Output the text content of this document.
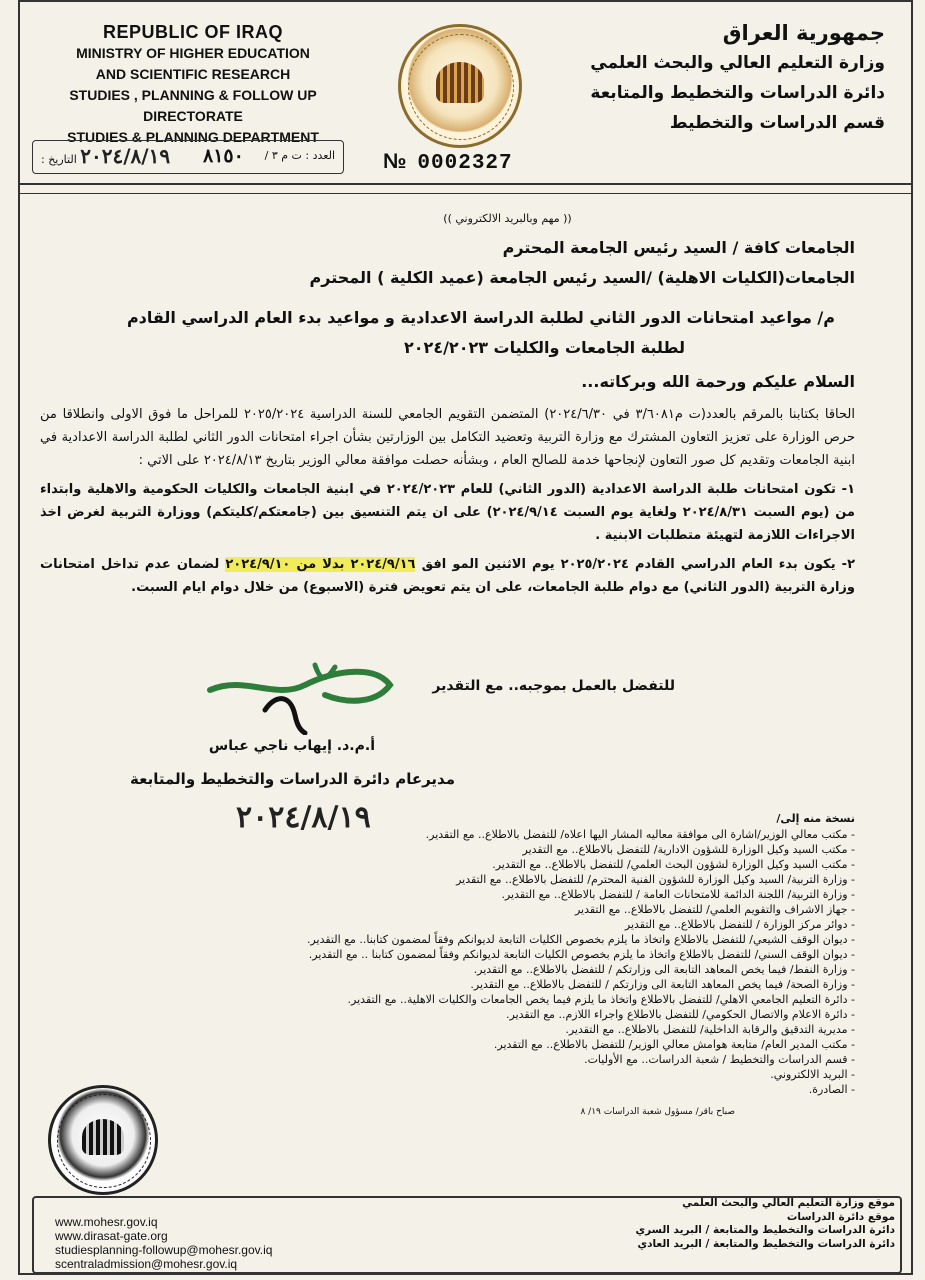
REPUBLIC OF IRAQ
MINISTRY OF HIGHER EDUCATION
AND SCIENTIFIC RESEARCH
STUDIES , PLANNING & FOLLOW UP DIRECTORATE
STUDIES & PLANNING DEPARTMENT
جمهورية العراق
وزارة التعليم العالي والبحث العلمي
دائرة الدراسات والتخطيط والمتابعة
قسم الدراسات والتخطيط
العدد : ت م ٣ /
٨١٥٠
٢٠٢٤/٨/١٩ التاريخ :	№ 0002327
(( مهم وبالبريد الالكتروني ))
الجامعات كافة / السيد رئيس الجامعة المحترم
الجامعات(الكليات الاهلية) /السيد رئيس الجامعة (عميد الكلية ) المحترم
م/ مواعيد امتحانات الدور الثاني لطلبة الدراسة الاعدادية و مواعيد بدء العام الدراسي القادم
لطلبة الجامعات والكليات ٢٠٢٤/٢٠٢٣
السلام عليكم ورحمة الله وبركاته...
الحاقا بكتابنا بالمرقم بالعدد(ت م٣/٦٠٨١ في ٢٠٢٤/٦/٣٠) المتضمن التقويم الجامعي للسنة الدراسية ٢٠٢٥/٢٠٢٤ للمراحل ما فوق الاولى وانطلاقا من حرص الوزارة على تعزيز التعاون المشترك مع وزارة التربية وتعضيد التكامل بين الوزارتين بشأن اجراء امتحانات الدور الثاني لطلبة الدراسة الاعدادية في ابنية الجامعات وتقديم كل صور التعاون لإنجاحها خدمة للصالح العام ، وبشأنه حصلت موافقة معالي الوزير بتاريخ ٢٠٢٤/٨/١٣ على الاتي :
١- تكون امتحانات طلبة الدراسة الاعدادية (الدور الثاني) للعام ٢٠٢٤/٢٠٢٣ في ابنية الجامعات والكليات الحكومية والاهلية وابتداء من (يوم السبت ٢٠٢٤/٨/٣١ ولغاية يوم السبت ٢٠٢٤/٩/١٤) على ان يتم التنسيق بين (جامعتكم/كليتكم) ووزارة التربية لغرض اخذ الاجراءات اللازمة لتهيئة متطلبات الابنية .
٢- يكون بدء العام الدراسي القادم ٢٠٢٥/٢٠٢٤ يوم الاثنين المو افق ٢٠٢٤/٩/١٦ بدلا من ٢٠٢٤/٩/١٠ لضمان عدم تداخل امتحانات وزارة التربية (الدور الثاني) مع دوام طلبة الجامعات، على ان يتم تعويض فترة (الاسبوع) من خلال دوام ايام السبت.
للتفضل بالعمل بموجبه.. مع التقدير
أ.م.د. إيهاب ناجي عباس
مديرعام دائرة الدراسات والتخطيط والمتابعة
٢٠٢٤/٨/١٩	نسخة منه إلى/
- مكتب معالي الوزير/اشارة الى موافقة معاليه المشار اليها اعلاه/ للتفضل بالاطلاع.. مع التقدير.
- مكتب السيد وكيل الوزارة للشؤون الادارية/ للتفضل بالاطلاع.. مع التقدير
- مكتب السيد وكيل الوزارة لشؤون البحث العلمي/ للتفضل بالاطلاع.. مع التقدير.
- وزارة التربية/ السيد وكيل الوزارة للشؤون الفنية المحترم/ للتفضل بالاطلاع.. مع التقدير
- وزارة التربية/ اللجنة الدائمة للامتحانات العامة / للتفضل بالاطلاع.. مع التقدير.
- جهاز الاشراف والتقويم العلمي/ للتفضل بالاطلاع.. مع التقدير
- دوائر مركز الوزارة / للتفضل بالاطلاع.. مع التقدير
- ديوان الوقف الشيعي/ للتفضل بالاطلاع واتخاذ ما يلزم بخصوص الكليات التابعة لديوانكم وفقاً لمضمون كتابنا.. مع التقدير.
- ديوان الوقف السني/ للتفضل بالاطلاع واتخاذ ما يلزم بخصوص الكليات التابعة لديوانكم وفقاً لمضمون كتابنا .. مع التقدير.
- وزارة النفط/ فيما يخص المعاهد التابعة الى وزارتكم / للتفضل بالاطلاع.. مع التقدير.
- وزارة الصحة/ فيما يخص المعاهد التابعة الى وزارتكم / للتفضل بالاطلاع.. مع التقدير.
- دائرة التعليم الجامعي الاهلي/ للتفضل بالاطلاع واتخاذ ما يلزم فيما يخص الجامعات والكليات الاهلية.. مع التقدير.
- دائرة الاعلام والاتصال الحكومي/ للتفضل بالاطلاع واجراء اللازم.. مع التقدير.
- مديرية التدقيق والرقابة الداخلية/ للتفضل بالاطلاع.. مع التقدير.
- مكتب المدير العام/ متابعة هوامش معالي الوزير/ للتفضل بالاطلاع.. مع التقدير.
- قسم الدراسات والتخطيط / شعبة الدراسات.. مع الأوليات.
- البريد الالكتروني.
- الصادرة.
صباح باقر/ مسؤول شعبة الدراسات ١٩/ ٨
www.mohesr.gov.iq
www.dirasat-gate.org
studiesplanning-followup@mohesr.gov.iq
scentraladmission@mohesr.gov.iq
موقع وزارة التعليم العالي والبحث العلمي
موقع دائرة الدراسات
دائرة الدراسات والتخطيط والمتابعة / البريد السري
دائرة الدراسات والتخطيط والمتابعة / البريد العادي
